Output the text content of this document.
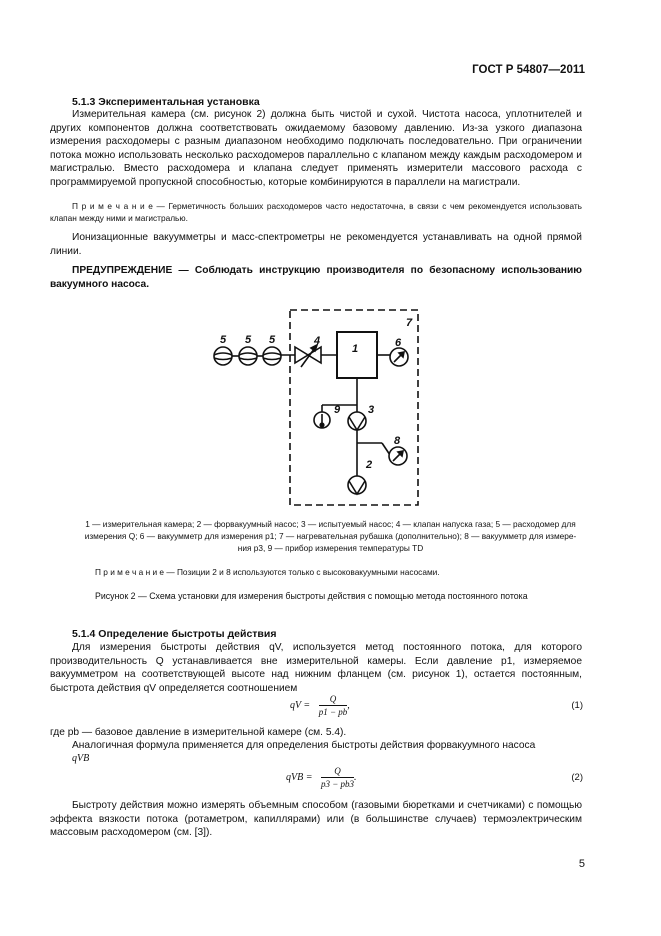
ГОСТ Р 54807—2011
5.1.3 Экспериментальная установка
Измерительная камера (см. рисунок 2) должна быть чистой и сухой. Чистота насоса, уплотнителей и других компонентов должна соответствовать ожидаемому базовому давлению. Из-за узкого диапазона измерения расходомеры с разным диапазоном необходимо подключать последовательно. При ограничении потока можно использовать несколько расходомеров параллельно с клапаном между каждым расходомером и магистралью. Вместо расходомера и клапана следует применять измерители массового расхода с программируемой пропускной способностью, которые комбинируются в параллели на магистрали.
П р и м е ч а н и е — Герметичность больших расходомеров часто недостаточна, в связи с чем рекомендуется использовать клапан между ними и магистралью.
Ионизационные вакуумметры и масс-спектрометры не рекомендуется устанавливать на одной прямой линии.
ПРЕДУПРЕЖДЕНИЕ — Соблюдать инструкцию производителя по безопасному использованию вакуумного насоса.
1
7
4
5 5 5	6
9	3
8
2
1 — измерительная камера; 2 — форвакуумный насос; 3 — испытуемый насос; 4 — клапан напуска газа; 5 — расходомер для
измерения Q; 6 — вакуумметр для измерения p1; 7 — нагревательная рубашка (дополнительно); 8 — вакуумметр для измере-
ния p3, 9 — прибор измерения температуры TD
П р и м е ч а н и е — Позиции 2 и 8 используются только с высоковакуумными насосами.
Рисунок 2 — Схема установки для измерения быстроты действия с помощью метода постоянного потока
5.1.4 Определение быстроты действия
Для измерения быстроты действия qV, используется метод постоянного потока, для которого производительность Q устанавливается вне измерительной камеры. Если давление p1, измеряемое вакуумметром на соответствующей высоте над нижним фланцем (см. рисунок 1), остается постоянным, быстрота действия qV определяется соотношением
qV = $\frac{Q}{p1 - pb}$ ,	(1)
где pb — базовое давление в измерительной камере (см. 5.4).
Аналогичная формула применяется для определения быстроты действия форвакуумного насоса
qVB
qVB = $\frac{Q}{p3 - pb3}$ .	(2)
Быстроту действия можно измерять объемным способом (газовыми бюретками и счетчиками) с помощью эффекта вязкости потока (ротаметром, капиллярами) или (в большинстве случаев) термоэлектрическим массовым расходомером (см. [3]).
5
